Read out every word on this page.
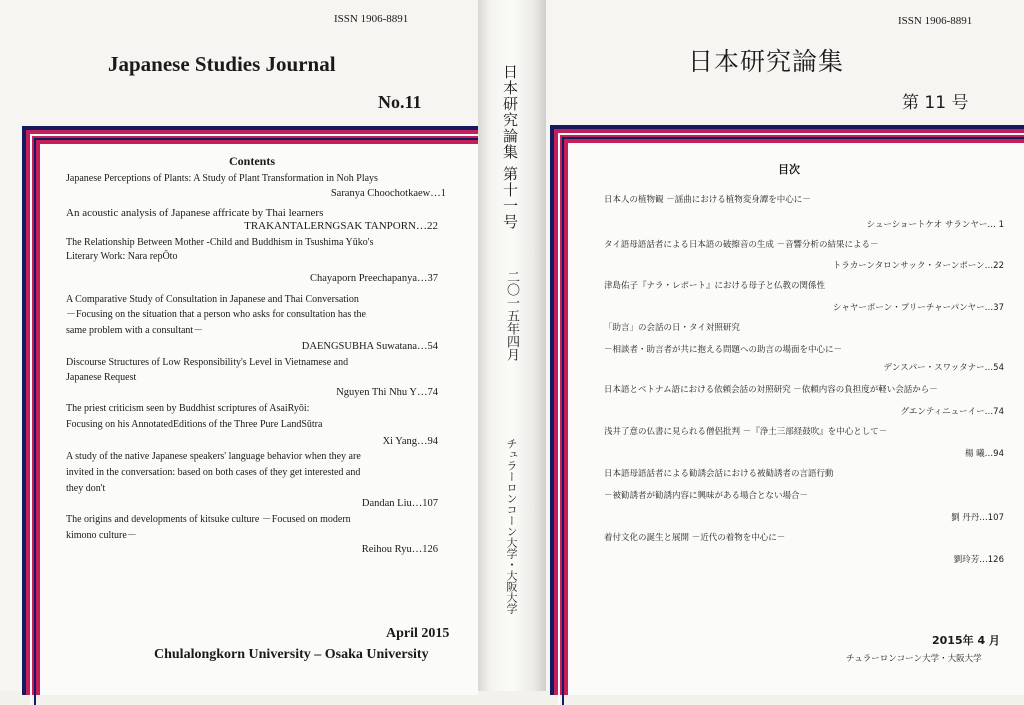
ISSN 1906-8891
Japanese Studies Journal
No.11
Contents
Japanese Perceptions of Plants: A Study of Plant Transformation in Noh Plays
Saranya Choochotkaew…1
An acoustic analysis of Japanese affricate by Thai learners
TRAKANTALERNGSAK TANPORN…22
The Relationship Between Mother -Child and Buddhism in Tsushima Yūko's
Literary Work: Nara repŌto
Chayaporn Preechapanya…37
A Comparative Study of Consultation in Japanese and Thai Conversation
－Focusing on the situation that a person who asks for consultation has the
same problem with a consultant－
DAENGSUBHA Suwatana…54
Discourse Structures of Low Responsibility's Level in Vietnamese and
Japanese Request
Nguyen Thi Nhu Y…74
The priest criticism seen by Buddhist scriptures of AsaiRyōi:
Focusing on his AnnotatedEditions of the Three Pure LandSūtra
Xi Yang…94
A study of the native Japanese speakers' language behavior when they are
invited in the conversation: based on both cases of they get interested and
they don't
Dandan Liu…107
The origins and developments of kitsuke culture －Focused on modern
kimono culture－
Reihou Ryu…126
April 2015
Chulalongkorn University – Osaka University
日本研究論集
第十一号
二〇一五年四月
チュラーロンコーン大学・大阪大学
ISSN 1906-8891
日本研究論集
第 11 号
目次
日本人の植物観 －謡曲における植物変身譚を中心に－
シューショートケオ サランヤー… 1
タイ語母語話者による日本語の破擦音の生成 －音響分析の結果による－
トラカーンタロンサック・ターンポーン…22
津島佑子『ナラ・レポート』における母子と仏教の関係性
シャヤーポーン・プリーチャーパンヤー…37
「助言」の会話の日・タイ対照研究
－相談者・助言者が共に抱える問題への助言の場面を中心に－
デンスパー・スワッタナー…54
日本語とベトナム語における依頼会話の対照研究 －依頼内容の負担度が軽い会話から－
グエンティニューイー…74
浅井了意の仏書に見られる僧侶批判 －『浄土三部経鼓吹』を中心として－
楊 曦…94
日本語母語話者による勧誘会話における被勧誘者の言語行動
－被勧誘者が勧誘内容に興味がある場合とない場合－
劉 丹丹…107
着付文化の誕生と展開 －近代の着物を中心に－
劉玲芳…126
2015年 4 月
チュラーロンコーン大学・大阪大学
